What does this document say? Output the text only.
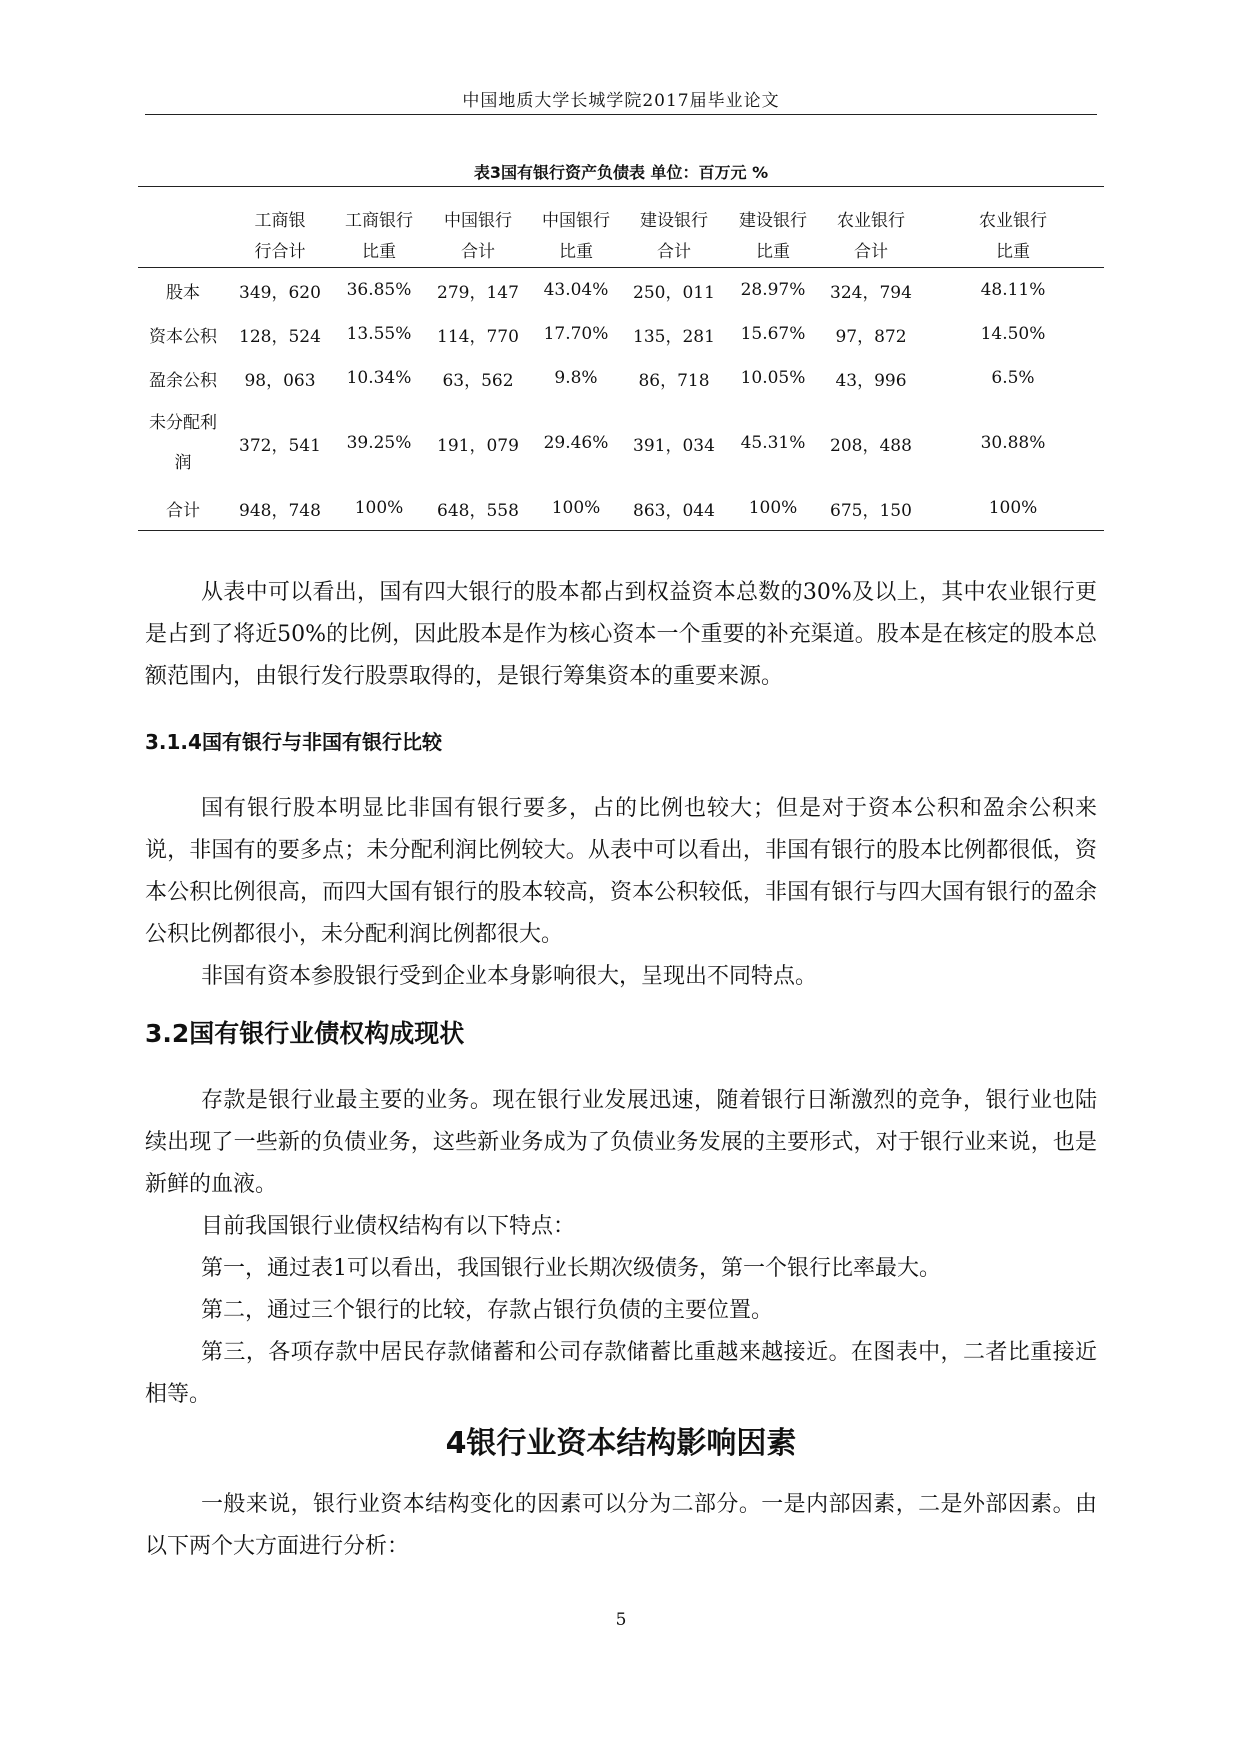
中国地质大学长城学院2017届毕业论文
表3国有银行资产负债表 单位：百万元 %
	工商银	工商银行	中国银行	中国银行	建设银行	建设银行	农业银行	农业银行
	行合计	比重	合计	比重	合计	比重	合计	比重
股本	349，620	36.85%	279，147	43.04%	250，011	28.97%	324，794	48.11%
资本公积	128，524	13.55%	114，770	17.70%	135，281	15.67%	97，872	14.50%
盈余公积	98，063	10.34%	63，562	9.8%	86，718	10.05%	43，996	6.5%
未分配利
润	372，541	39.25%	191，079	29.46%	391，034	45.31%	208，488	30.88%
合计	948，748	100%	648，558	100%	863，044	100%	675，150	100%

从表中可以看出，国有四大银行的股本都占到权益资本总数的30%及以上，其中农业银行更是占到了将近50%的比例，因此股本是作为核心资本一个重要的补充渠道。股本是在核定的股本总额范围内，由银行发行股票取得的，是银行筹集资本的重要来源。

3.1.4国有银行与非国有银行比较

国有银行股本明显比非国有银行要多，占的比例也较大；但是对于资本公积和盈余公积来说，非国有的要多点；未分配利润比例较大。从表中可以看出，非国有银行的股本比例都很低，资本公积比例很高，而四大国有银行的股本较高，资本公积较低，非国有银行与四大国有银行的盈余公积比例都很小，未分配利润比例都很大。

非国有资本参股银行受到企业本身影响很大，呈现出不同特点。

3.2国有银行业债权构成现状

存款是银行业最主要的业务。现在银行业发展迅速，随着银行日渐激烈的竞争，银行业也陆续出现了一些新的负债业务，这些新业务成为了负债业务发展的主要形式，对于银行业来说，也是新鲜的血液。

目前我国银行业债权结构有以下特点：

第一，通过表1可以看出，我国银行业长期次级债务，第一个银行比率最大。

第二，通过三个银行的比较，存款占银行负债的主要位置。

第三，各项存款中居民存款储蓄和公司存款储蓄比重越来越接近。在图表中，二者比重接近相等。

4银行业资本结构影响因素

一般来说，银行业资本结构变化的因素可以分为二部分。一是内部因素，二是外部因素。由以下两个大方面进行分析：

5
